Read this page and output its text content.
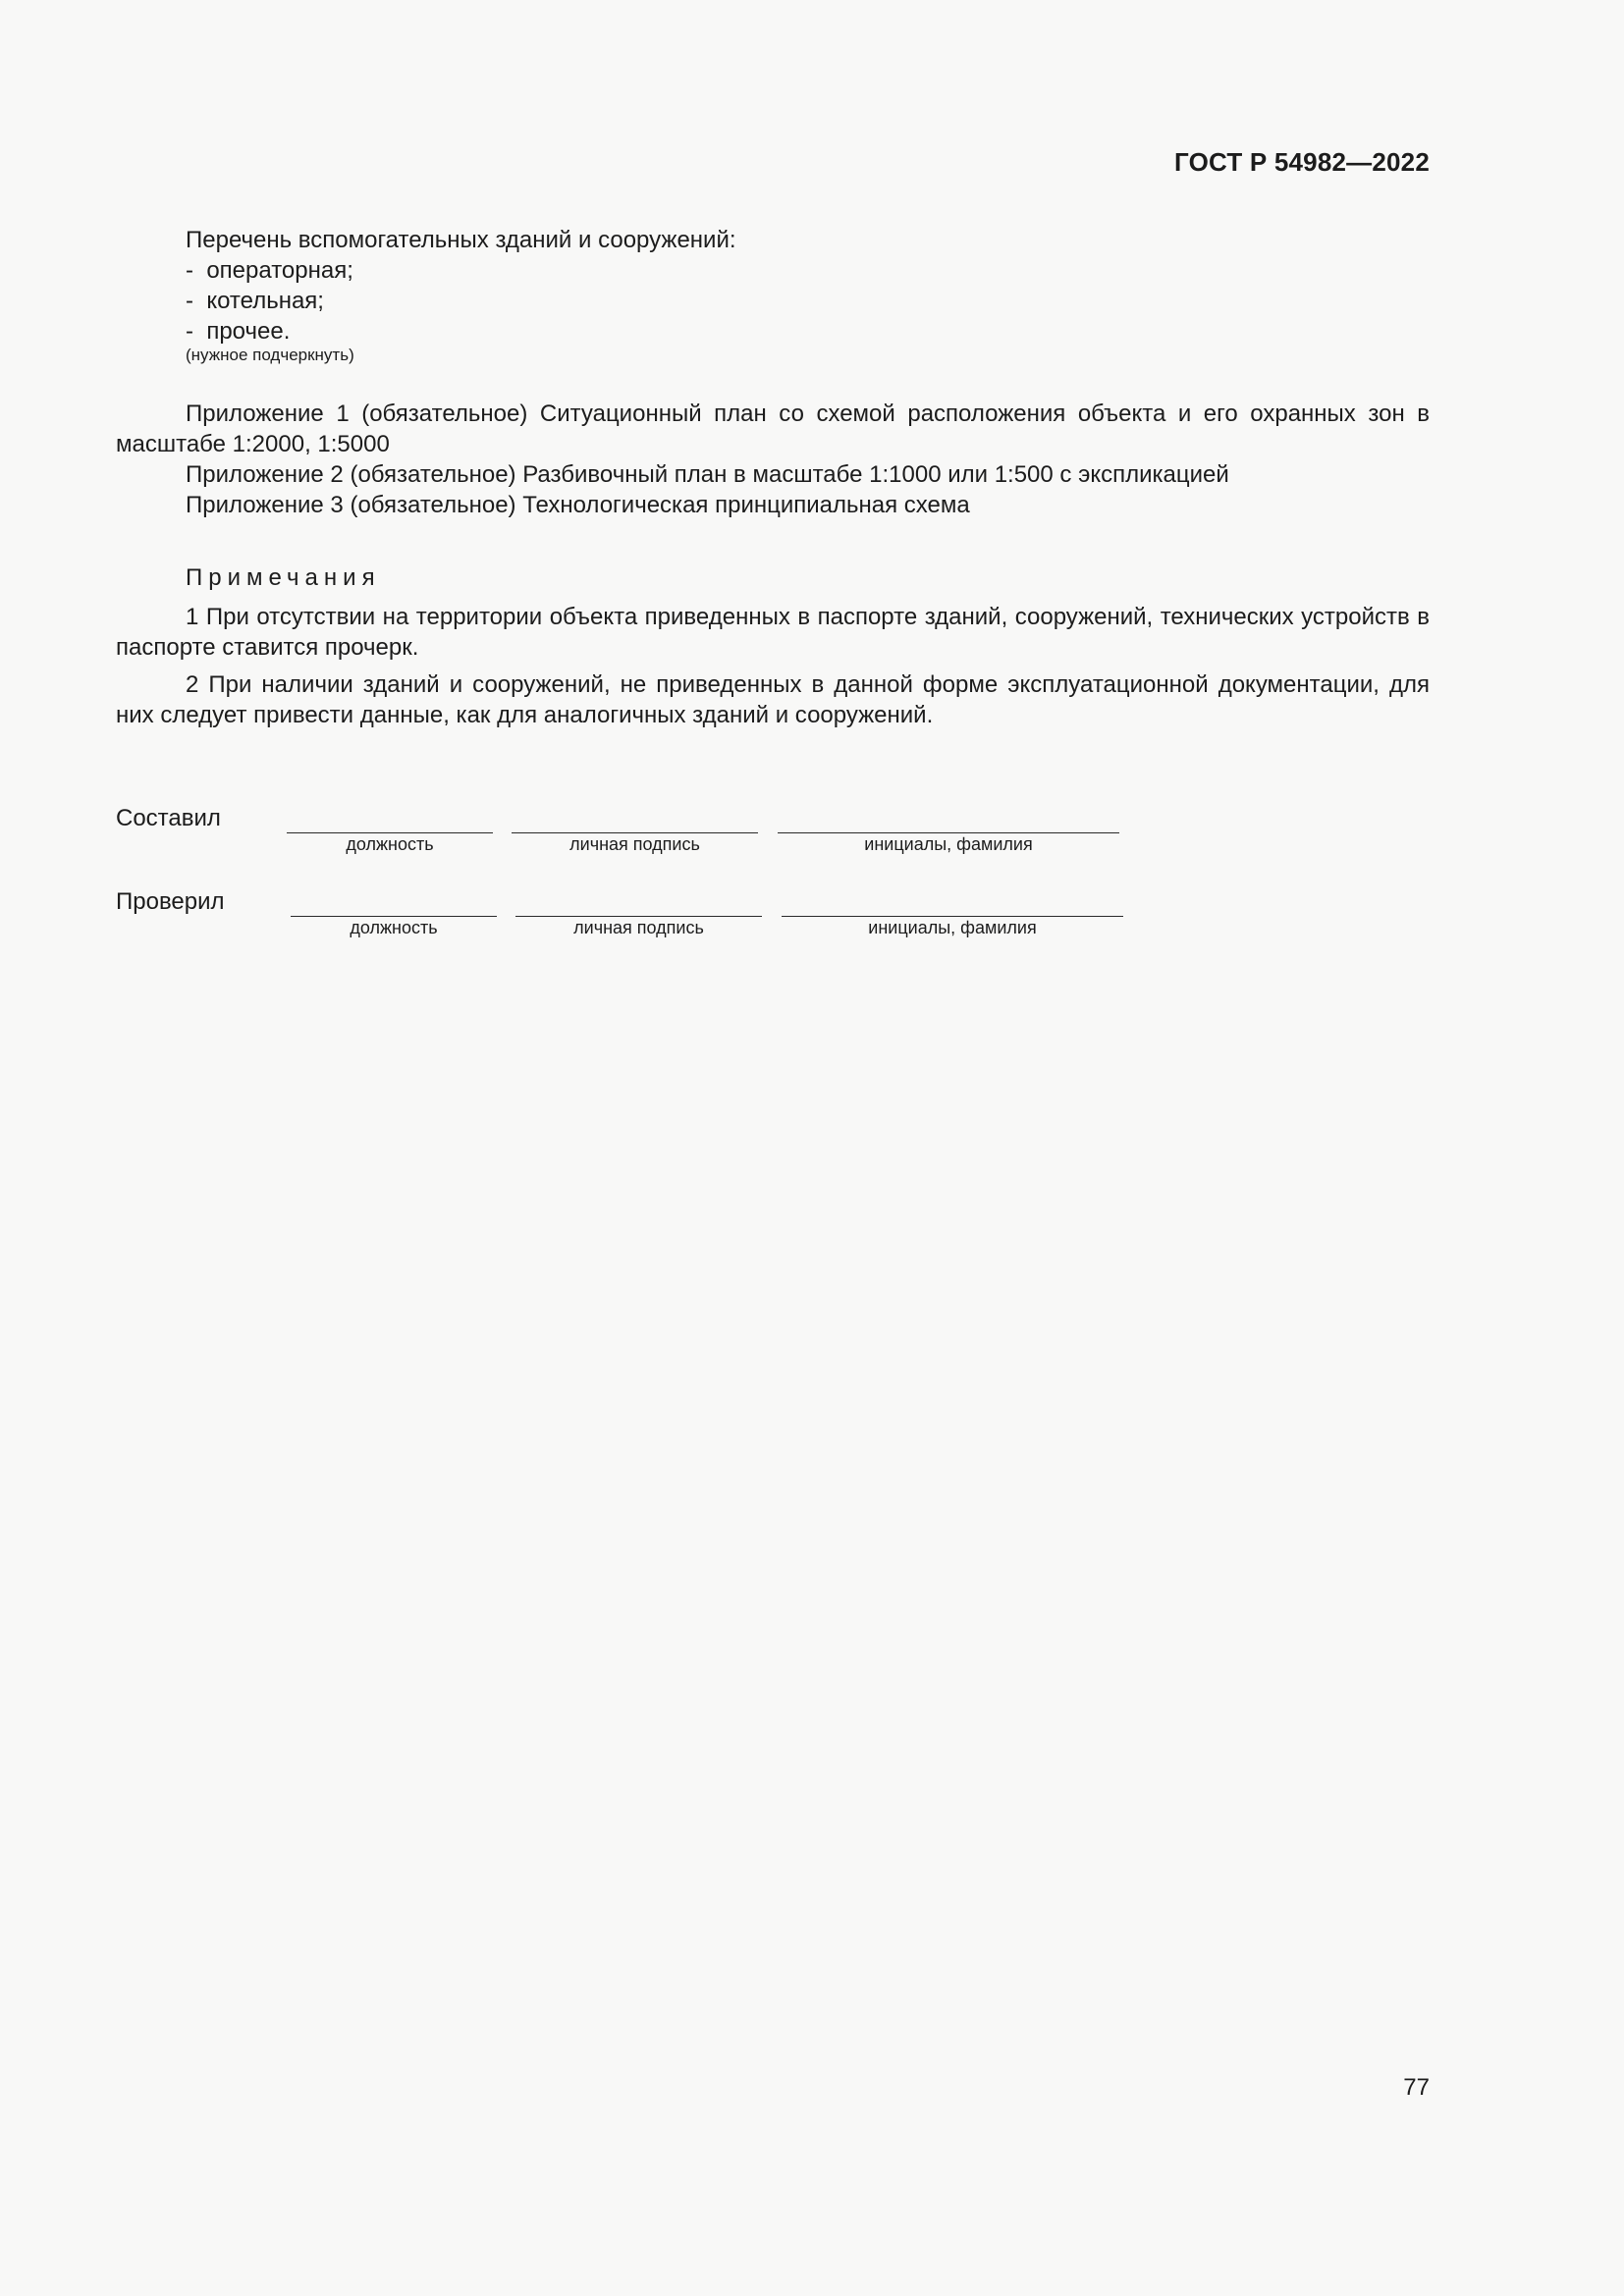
ГОСТ Р 54982—2022
Перечень вспомогательных зданий и сооружений:
-  операторная;
-  котельная;
-  прочее.
(нужное подчеркнуть)
Приложение 1 (обязательное) Ситуационный план со схемой расположения объекта и его охранных зон в масштабе 1:2000, 1:5000
Приложение 2 (обязательное) Разбивочный план в масштабе 1:1000 или 1:500 с экспликацией
Приложение 3 (обязательное) Технологическая принципиальная схема
Примечания
1 При отсутствии на территории объекта приведенных в паспорте зданий, сооружений, технических устройств в паспорте ставится прочерк.
2 При наличии зданий и сооружений, не приведенных в данной форме эксплуатационной документации, для них следует привести данные, как для аналогичных зданий и сооружений.
Составил
должность	личная подпись	инициалы, фамилия
Проверил
должность	личная подпись	инициалы, фамилия
77
